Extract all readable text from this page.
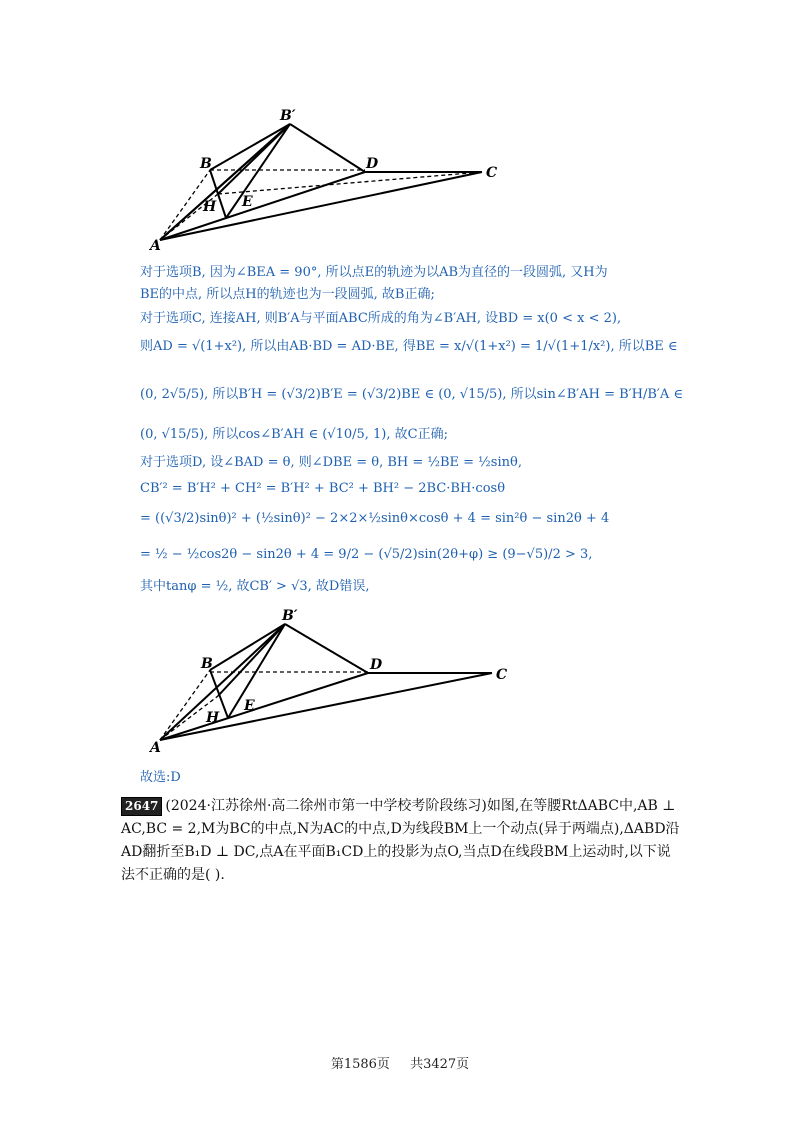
B′
B	D
C
H E
A
对于选项B, 因为∠BEA = 90°, 所以点E的轨迹为以AB为直径的一段圆弧, 又H为
BE的中点, 所以点H的轨迹也为一段圆弧, 故B正确;
对于选项C, 连接AH, 则B′A与平面ABC所成的角为∠B′AH, 设BD = x(0 < x < 2),
则AD = √(1+x²), 所以由AB·BD = AD·BE, 得BE = x/√(1+x²) = 1/√(1+1/x²), 所以BE ∈
(0, 2√5/5), 所以B′H = (√3/2)B′E = (√3/2)BE ∈ (0, √15/5), 所以sin∠B′AH = B′H/B′A ∈
(0, √15/5), 所以cos∠B′AH ∈ (√10/5, 1), 故C正确;
对于选项D, 设∠BAD = θ, 则∠DBE = θ, BH = ½BE = ½sinθ,
CB′² = B′H² + CH² = B′H² + BC² + BH² − 2BC·BH·cosθ
= ((√3/2)sinθ)² + (½sinθ)² − 2×2×½sinθ×cosθ + 4 = sin²θ − sin2θ + 4
= ½ − ½cos2θ − sin2θ + 4 = 9/2 − (√5/2)sin(2θ+φ) ≥ (9−√5)/2 > 3,
其中tanφ = ½, 故CB′ > √3, 故D错误,
B′
B	D
C
H
E
A
故选:D
2647 (2024·江苏徐州·高二徐州市第一中学校考阶段练习)如图,在等腰RtΔABC中,AB ⊥ AC,BC = 2,M为BC的中点,N为AC的中点,D为线段BM上一个动点(异于两端点),ΔABD沿AD翻折至B₁D ⊥ DC,点A在平面B₁CD上的投影为点O,当点D在线段BM上运动时,以下说法不正确的是( ).
第1586页 共3427页
